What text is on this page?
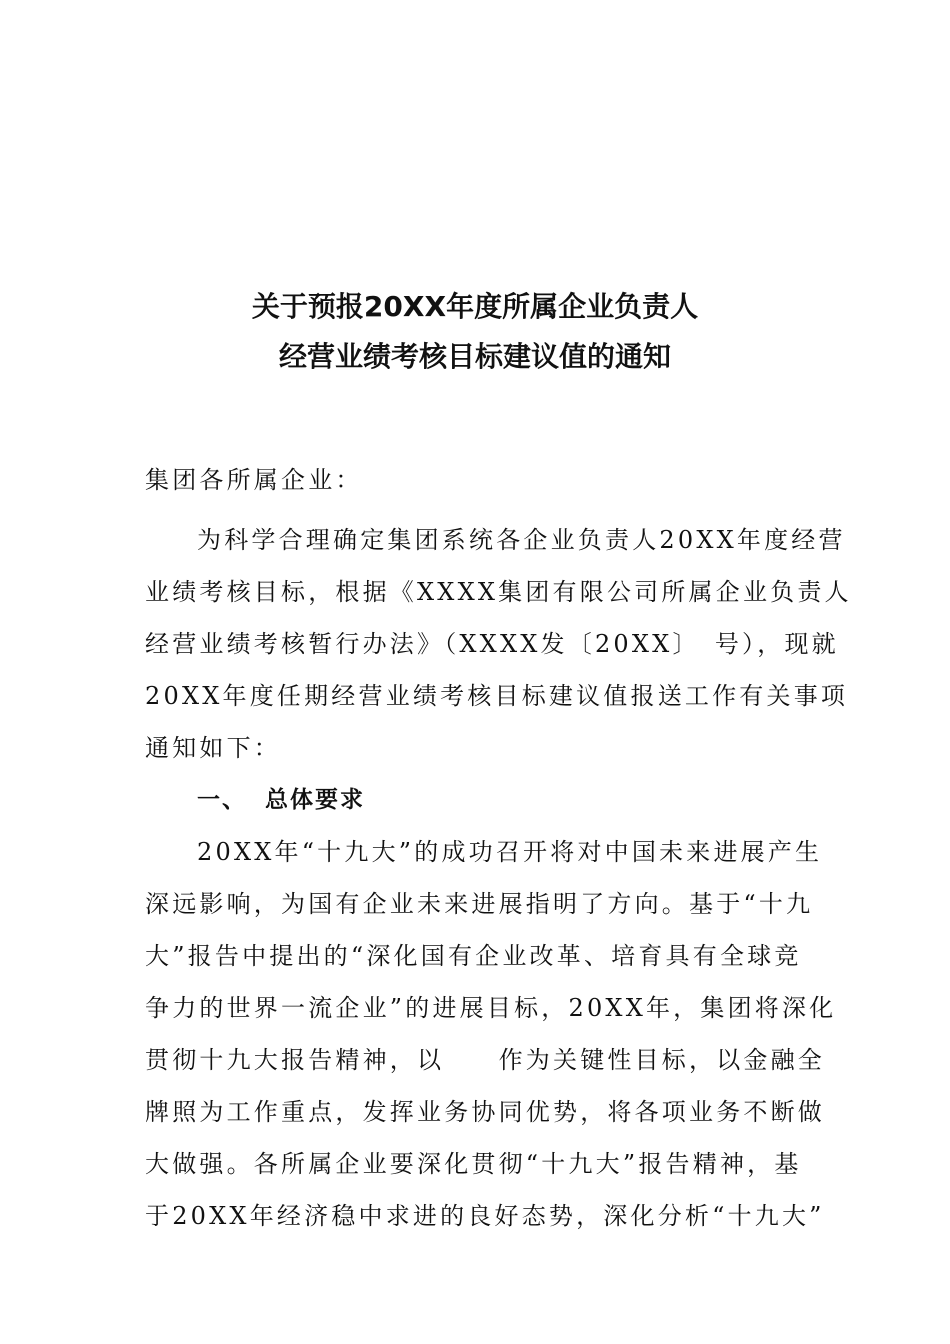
关于预报20XX年度所属企业负责人
经营业绩考核目标建议值的通知
集团各所属企业：
为科学合理确定集团系统各企业负责人20XX年度经营
业绩考核目标，根据《XXXX集团有限公司所属企业负责人
经营业绩考核暂行办法》（XXXX发〔20XX〕　号），现就
20XX年度任期经营业绩考核目标建议值报送工作有关事项
通知如下：
一、 总体要求
20XX年“十九大”的成功召开将对中国未来进展产生
深远影响，为国有企业未来进展指明了方向。基于“十九
大”报告中提出的“深化国有企业改革、培育具有全球竞
争力的世界一流企业”的进展目标，20XX年，集团将深化
贯彻十九大报告精神，以　　作为关键性目标，以金融全
牌照为工作重点，发挥业务协同优势，将各项业务不断做
大做强。各所属企业要深化贯彻“十九大”报告精神，基
于20XX年经济稳中求进的良好态势，深化分析“十九大”
